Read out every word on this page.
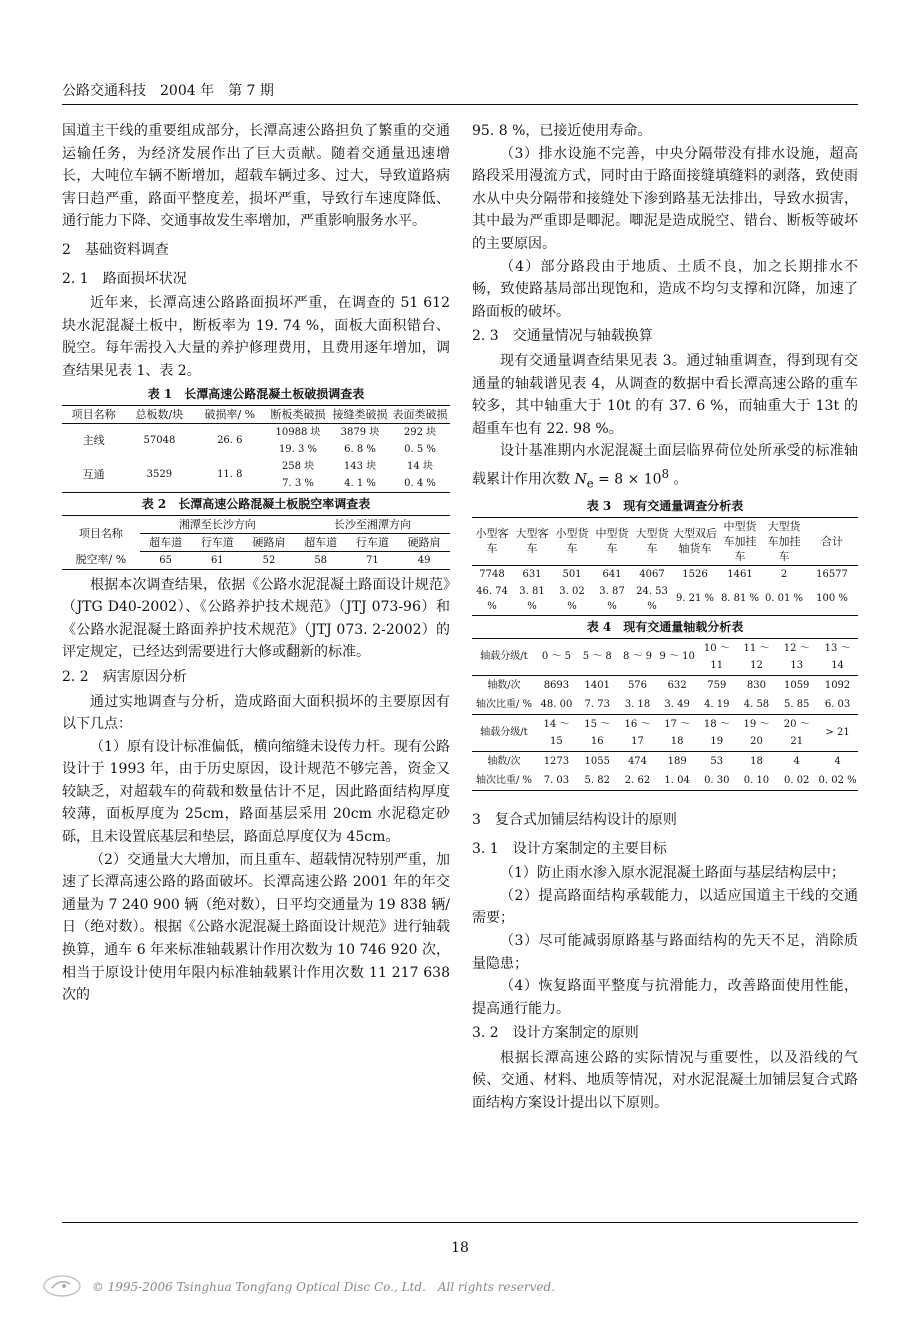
公路交通科技　2004 年　第 7 期

国道主干线的重要组成部分，长潭高速公路担负了繁重的交通运输任务，为经济发展作出了巨大贡献。随着交通量迅速增长，大吨位车辆不断增加，超载车辆过多、过大，导致道路病害日趋严重，路面平整度差，损坏严重，导致行车速度降低、通行能力下降、交通事故发生率增加，严重影响服务水平。

2　基础资料调查
2. 1　路面损坏状况

近年来，长潭高速公路路面损坏严重，在调查的 51 612 块水泥混凝土板中，断板率为 19. 74 %，面板大面积错台、脱空。每年需投入大量的养护修理费用，且费用逐年增加，调查结果见表 1、表 2。

表 1　长潭高速公路混凝土板破损调查表
项目名称	总板数/块	破损率/ %	断板类破损	接缝类破损	表面类破损
主线	57048	26. 6	10988 块	3879 块	292 块
			19. 3 %	6. 8 %	0. 5 %
互通	3529	11. 8	258 块	143 块	14 块
			7. 3 %	4. 1 %	0. 4 %
表 2　长潭高速公路混凝土板脱空率调查表
项目名称	湘潭至长沙方向			长沙至湘潭方向		
	超车道	行车道	硬路肩	超车道	行车道	硬路肩
脱空率/ %	65	61	52	58	71	49

根据本次调查结果，依据《公路水泥混凝土路面设计规范》（JTG D40-2002）、《公路养护技术规范》（JTJ 073-96）和《公路水泥混凝土路面养护技术规范》（JTJ 073. 2-2002）的评定规定，已经达到需要进行大修或翻新的标准。

2. 2　病害原因分析

通过实地调查与分析，造成路面大面积损坏的主要原因有以下几点：

（1）原有设计标准偏低，横向缩缝未设传力杆。现有公路设计于 1993 年，由于历史原因，设计规范不够完善，资金又较缺乏，对超载车的荷载和数量估计不足，因此路面结构厚度较薄，面板厚度为 25cm，路面基层采用 20cm 水泥稳定砂砾，且未设置底基层和垫层，路面总厚度仅为 45cm。

（2）交通量大大增加，而且重车、超载情况特别严重，加速了长潭高速公路的路面破坏。长潭高速公路 2001 年的年交通量为 7 240 900 辆（绝对数），日平均交通量为 19 838 辆/日（绝对数）。根据《公路水泥混凝土路面设计规范》进行轴载换算，通车 6 年来标准轴载累计作用次数为 10 746 920 次，相当于原设计使用年限内标准轴载累计作用次数 11 217 638 次的

95. 8 %，已接近使用寿命。

（3）排水设施不完善，中央分隔带没有排水设施，超高路段采用漫流方式，同时由于路面接缝填缝料的剥落，致使雨水从中央分隔带和接缝处下渗到路基无法排出，导致水损害，其中最为严重即是唧泥。唧泥是造成脱空、错台、断板等破坏的主要原因。

（4）部分路段由于地质、土质不良，加之长期排水不畅，致使路基局部出现饱和，造成不均匀支撑和沉降，加速了路面板的破坏。

2. 3　交通量情况与轴载换算

现有交通量调查结果见表 3。通过轴重调查，得到现有交通量的轴载谱见表 4，从调查的数据中看长潭高速公路的重车较多，其中轴重大于 10t 的有 37. 6 %，而轴重大于 13t 的超重车也有 22. 98 %。

设计基准期内水泥混凝土面层临界荷位处所承受的标准轴载累计作用次数 $N_e = 8 \times 10^8$ 。

表 3　现有交通量调查分析表
小型客车	大型客车	小型货车	中型货车	大型货车	大型双后轴货车	中型货车加挂车	大型货车加挂车	合计
7748	631	501	641	4067	1526	1461	2	16577
46. 74 %	3. 81 %	3. 02 %	3. 87 %	24. 53 %	9. 21 %	8. 81 %	0. 01 %	100 %
表 4　现有交通量轴载分析表
轴载分级/t	0 ～ 5	5 ～ 8	8 ～ 9	9 ～ 10	10 ～ 11	11 ～ 12	12 ～ 13	13 ～ 14
轴数/次	8693	1401	576	632	759	830	1059	1092
轴次比重/ %	48. 00	7. 73	3. 18	3. 49	4. 19	4. 58	5. 85	6. 03
轴载分级/t	14 ～ 15	15 ～ 16	16 ～ 17	17 ～ 18	18 ～ 19	19 ～ 20	20 ～ 21	> 21
轴数/次	1273	1055	474	189	53	18	4	4
轴次比重/ %	7. 03	5. 82	2. 62	1. 04	0. 30	0. 10	0. 02	0. 02 %
3　复合式加铺层结构设计的原则
3. 1　设计方案制定的主要目标

（1）防止雨水渗入原水泥混凝土路面与基层结构层中；

（2）提高路面结构承载能力，以适应国道主干线的交通需要；

（3）尽可能减弱原路基与路面结构的先天不足，消除质量隐患；

（4）恢复路面平整度与抗滑能力，改善路面使用性能，提高通行能力。

3. 2　设计方案制定的原则

根据长潭高速公路的实际情况与重要性，以及沿线的气候、交通、材料、地质等情况，对水泥混凝土加铺层复合式路面结构方案设计提出以下原则。

18
© 1995-2006 Tsinghua Tongfang Optical Disc Co., Ltd.　All rights reserved.
